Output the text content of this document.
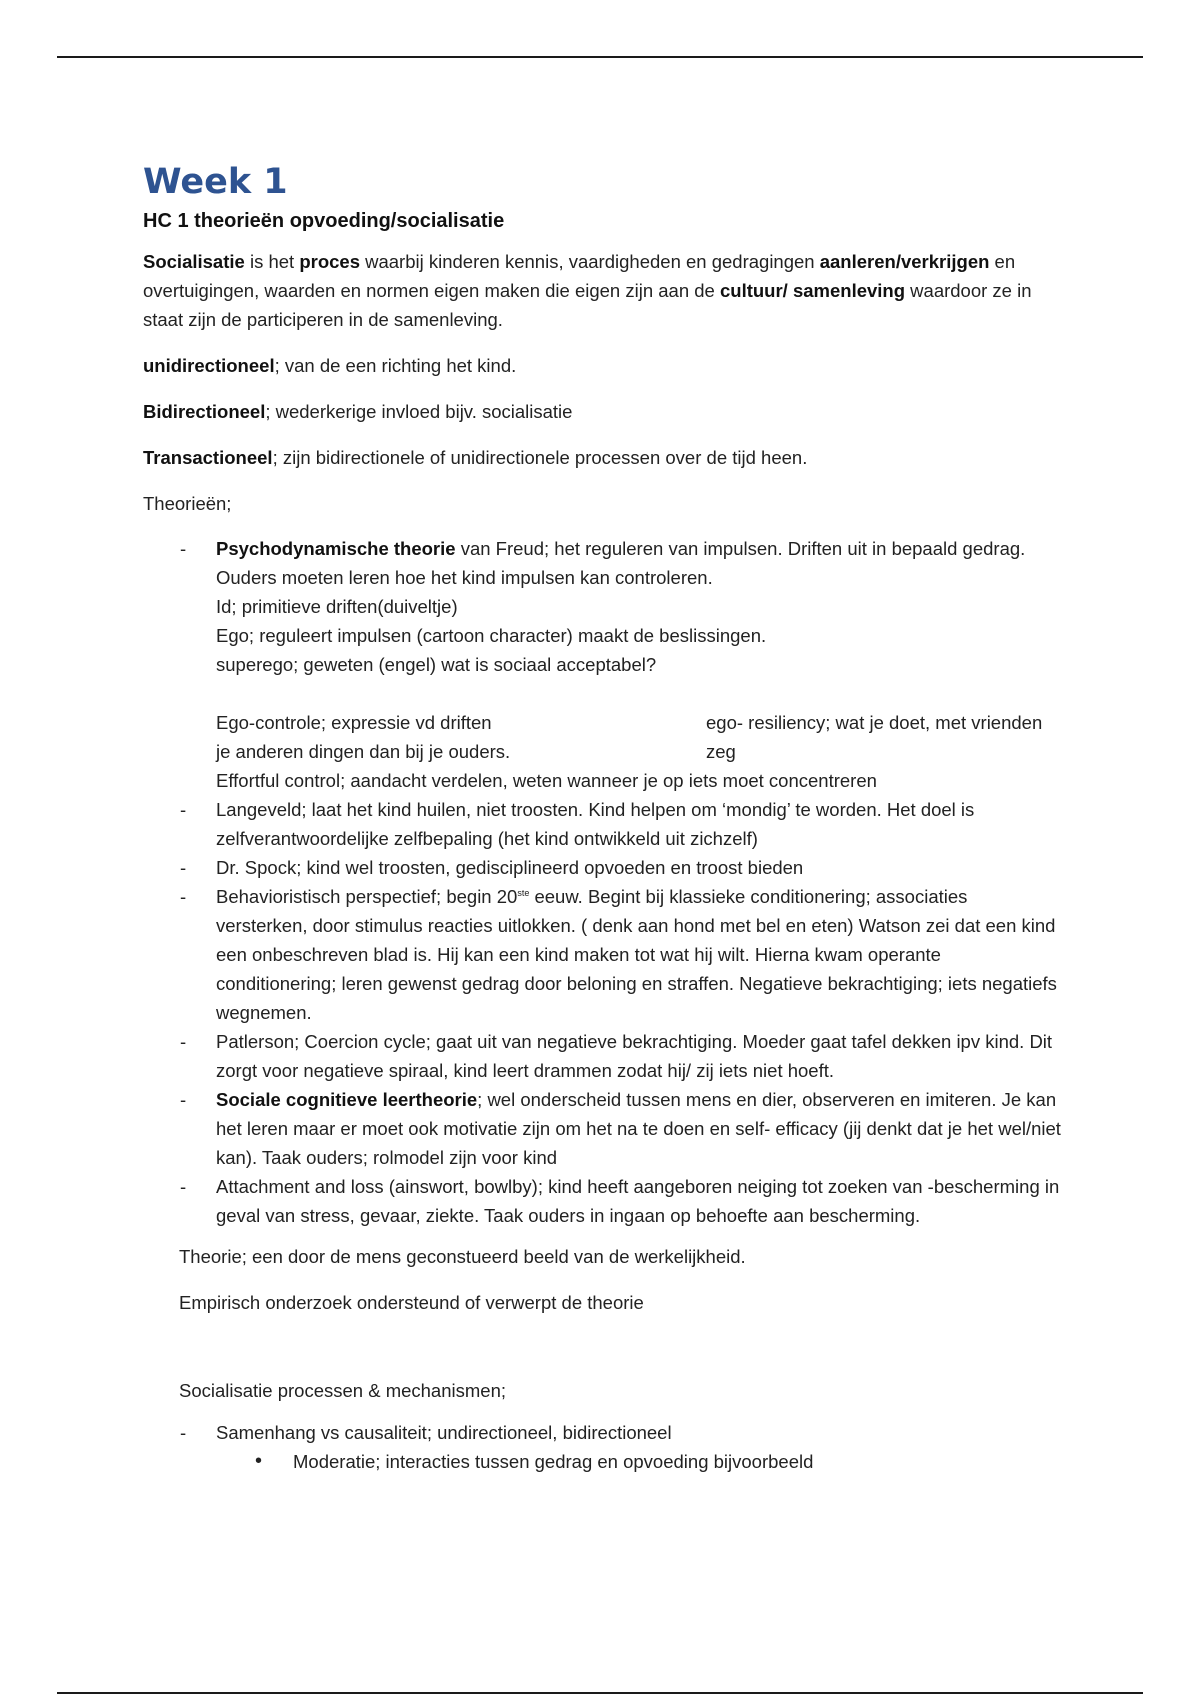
Week 1
HC 1 theorieën opvoeding/socialisatie

Socialisatie is het proces waarbij kinderen kennis, vaardigheden en gedragingen aanleren/verkrijgen en overtuigingen, waarden en normen eigen maken die eigen zijn aan de cultuur/ samenleving waardoor ze in staat zijn de participeren in de samenleving.

unidirectioneel; van de een richting het kind.

Bidirectioneel; wederkerige invloed bijv. socialisatie

Transactioneel; zijn bidirectionele of unidirectionele processen over de tijd heen.

Theorieën;

- Psychodynamische theorie van Freud; het reguleren van impulsen. Driften uit in bepaald gedrag. Ouders moeten leren hoe het kind impulsen kan controleren.
Id; primitieve driften(duiveltje)
Ego; reguleert impulsen (cartoon character) maakt de beslissingen.
superego; geweten (engel) wat is sociaal acceptabel?
Ego-controle; expressie vd driften	ego- resiliency; wat je doet, met vrienden zeg
je anderen dingen dan bij je ouders.
Effortful control; aandacht verdelen, weten wanneer je op iets moet concentreren
- Langeveld; laat het kind huilen, niet troosten. Kind helpen om ‘mondig’ te worden. Het doel is zelfverantwoordelijke zelfbepaling (het kind ontwikkeld uit zichzelf)
- Dr. Spock; kind wel troosten, gedisciplineerd opvoeden en troost bieden
- Behavioristisch perspectief; begin 20ste eeuw. Begint bij klassieke conditionering; associaties versterken, door stimulus reacties uitlokken. ( denk aan hond met bel en eten) Watson zei dat een kind een onbeschreven blad is. Hij kan een kind maken tot wat hij wilt. Hierna kwam operante conditionering; leren gewenst gedrag door beloning en straffen. Negatieve bekrachtiging; iets negatiefs wegnemen.
- Patlerson; Coercion cycle; gaat uit van negatieve bekrachtiging. Moeder gaat tafel dekken ipv kind. Dit zorgt voor negatieve spiraal, kind leert drammen zodat hij/ zij iets niet hoeft.
- Sociale cognitieve leertheorie; wel onderscheid tussen mens en dier, observeren en imiteren. Je kan het leren maar er moet ook motivatie zijn om het na te doen en self- efficacy (jij denkt dat je het wel/niet kan). Taak ouders; rolmodel zijn voor kind
- Attachment and loss (ainswort, bowlby); kind heeft aangeboren neiging tot zoeken van -bescherming in geval van stress, gevaar, ziekte. Taak ouders in ingaan op behoefte aan bescherming.

Theorie; een door de mens geconstueerd beeld van de werkelijkheid.

Empirisch onderzoek ondersteund of verwerpt de theorie

Socialisatie processen & mechanismen;

- Samenhang vs causaliteit; undirectioneel, bidirectioneel
• Moderatie; interacties tussen gedrag en opvoeding bijvoorbeeld
